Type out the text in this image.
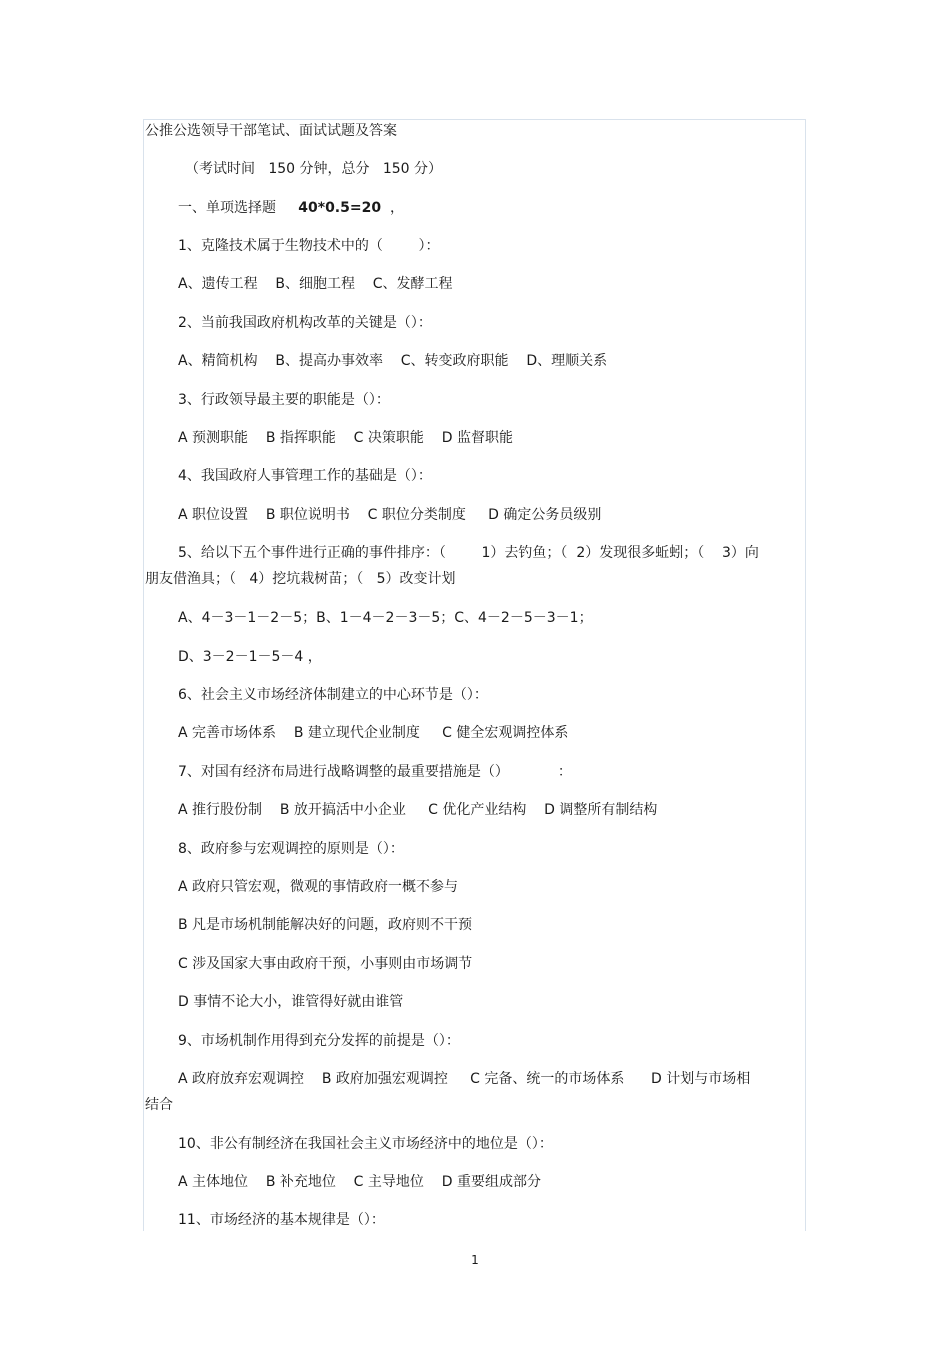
公推公选领导干部笔试、面试试题及答案

（考试时间   150 分钟，总分   150 分）

一、单项选择题 40*0.5=20 ，

1、克隆技术属于生物技术中的（        ）：

A、遗传工程    B、细胞工程    C、发酵工程

2、当前我国政府机构改革的关键是（）：

A、精简机构    B、提高办事效率    C、转变政府职能    D、理顺关系

3、行政领导最主要的职能是（）：

A 预测职能    B 指挥职能    C 决策职能    D 监督职能

4、我国政府人事管理工作的基础是（）：

A 职位设置    B 职位说明书    C 职位分类制度     D 确定公务员级别

5、给以下五个事件进行正确的事件排序：（        1）去钓鱼；（  2）发现很多蚯蚓；（    3）向

朋友借渔具；（   4）挖坑栽树苗；（   5）改变计划

A、4－3－1－2－5；B、1－4－2－3－5；C、4－2－5－3－1；

D、3－2－1－5－4 ，

6、社会主义市场经济体制建立的中心环节是（）：

A 完善市场体系    B 建立现代企业制度     C 健全宏观调控体系

7、对国有经济布局进行战略调整的最重要措施是（）           ：

A 推行股份制    B 放开搞活中小企业     C 优化产业结构    D 调整所有制结构

8、政府参与宏观调控的原则是（）：

A 政府只管宏观，微观的事情政府一概不参与

B 凡是市场机制能解决好的问题，政府则不干预

C 涉及国家大事由政府干预，小事则由市场调节

D 事情不论大小，谁管得好就由谁管

9、市场机制作用得到充分发挥的前提是（）：

A 政府放弃宏观调控    B 政府加强宏观调控     C 完备、统一的市场体系      D 计划与市场相

结合

10、非公有制经济在我国社会主义市场经济中的地位是（）：

A 主体地位    B 补充地位    C 主导地位    D 重要组成部分

11、市场经济的基本规律是（）：

1
